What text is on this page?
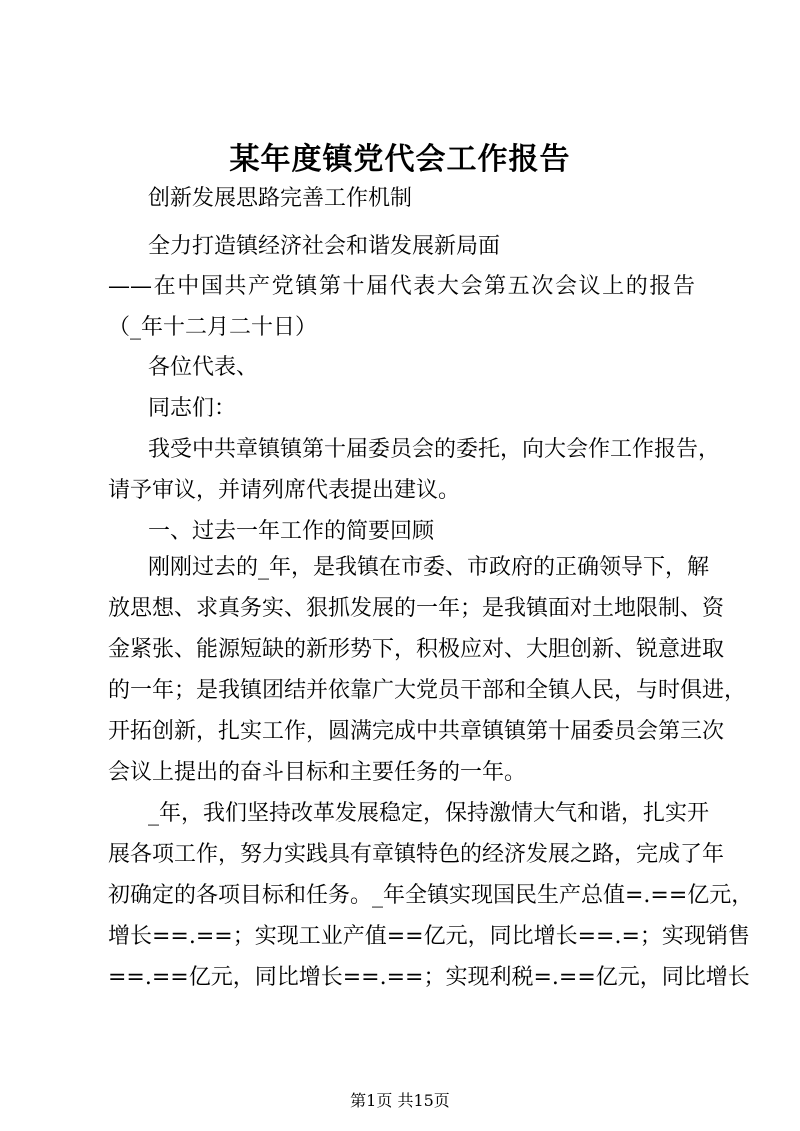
某年度镇党代会工作报告
创新发展思路完善工作机制
全力打造镇经济社会和谐发展新局面
——在中国共产党镇第十届代表大会第五次会议上的报告
（_年十二月二十日）
各位代表、
同志们：
我受中共章镇镇第十届委员会的委托，向大会作工作报告，
请予审议，并请列席代表提出建议。
一、过去一年工作的简要回顾
刚刚过去的_年，是我镇在市委、市政府的正确领导下，解
放思想、求真务实、狠抓发展的一年；是我镇面对土地限制、资
金紧张、能源短缺的新形势下，积极应对、大胆创新、锐意进取
的一年；是我镇团结并依靠广大党员干部和全镇人民，与时俱进，
开拓创新，扎实工作，圆满完成中共章镇镇第十届委员会第三次
会议上提出的奋斗目标和主要任务的一年。
_年，我们坚持改革发展稳定，保持激情大气和谐，扎实开
展各项工作，努力实践具有章镇特色的经济发展之路，完成了年
初确定的各项目标和任务。_年全镇实现国民生产总值=.==亿元，
增长==.==；实现工业产值==亿元，同比增长==.=；实现销售
==.==亿元，同比增长==.==；实现利税=.==亿元，同比增长
第1页 共15页
